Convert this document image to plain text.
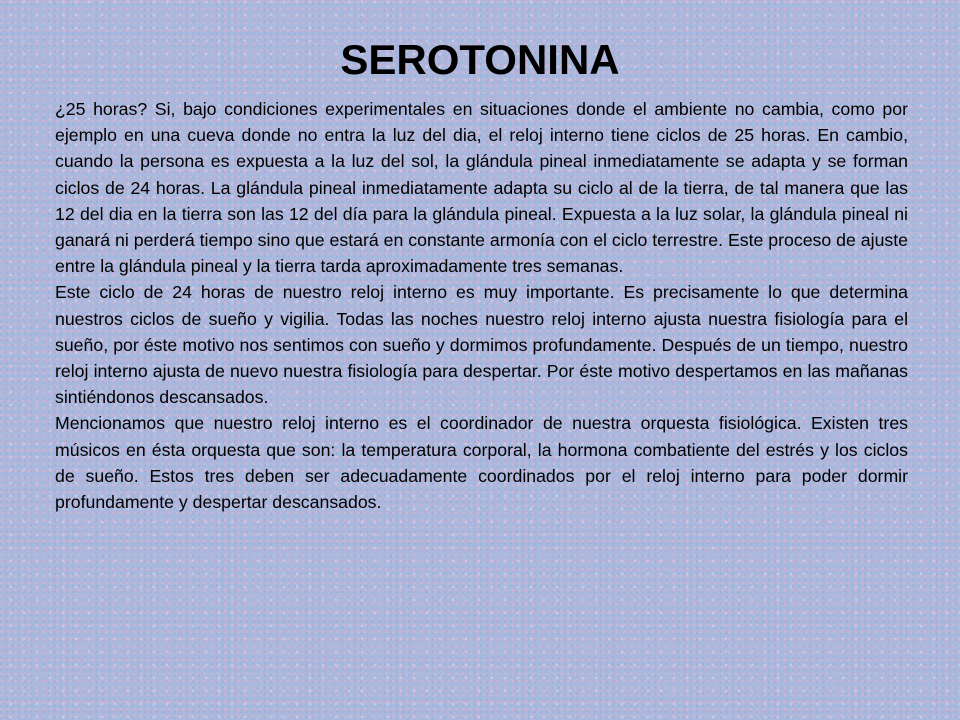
SEROTONINA

¿25 horas? Si, bajo condiciones experimentales en situaciones donde el ambiente no cambia, como por ejemplo en una cueva donde no entra la luz del dia, el reloj interno tiene ciclos de 25 horas. En cambio, cuando la persona es expuesta a la luz del sol, la glándula pineal inmediatamente se adapta y se forman ciclos de 24 horas. La glándula pineal inmediatamente adapta su ciclo al de la tierra, de tal manera que las 12 del dia en la tierra son las 12 del día para la glándula pineal. Expuesta a la luz solar, la glándula pineal ni ganará ni perderá tiempo sino que estará en constante armonía con el ciclo terrestre. Este proceso de ajuste entre la glándula pineal y la tierra tarda aproximadamente tres semanas.

Este ciclo de 24 horas de nuestro reloj interno es muy importante. Es precisamente lo que determina nuestros ciclos de sueño y vigilia. Todas las noches nuestro reloj interno ajusta nuestra fisiología para el sueño, por éste motivo nos sentimos con sueño y dormimos profundamente. Después de un tiempo, nuestro reloj interno ajusta de nuevo nuestra fisiología para despertar. Por éste motivo despertamos en las mañanas sintiéndonos descansados.

Mencionamos que nuestro reloj interno es el coordinador de nuestra orquesta fisiológica. Existen tres músicos en ésta orquesta que son: la temperatura corporal, la hormona combatiente del estrés y los ciclos de sueño. Estos tres deben ser adecuadamente coordinados por el reloj interno para poder dormir profundamente y despertar descansados.
